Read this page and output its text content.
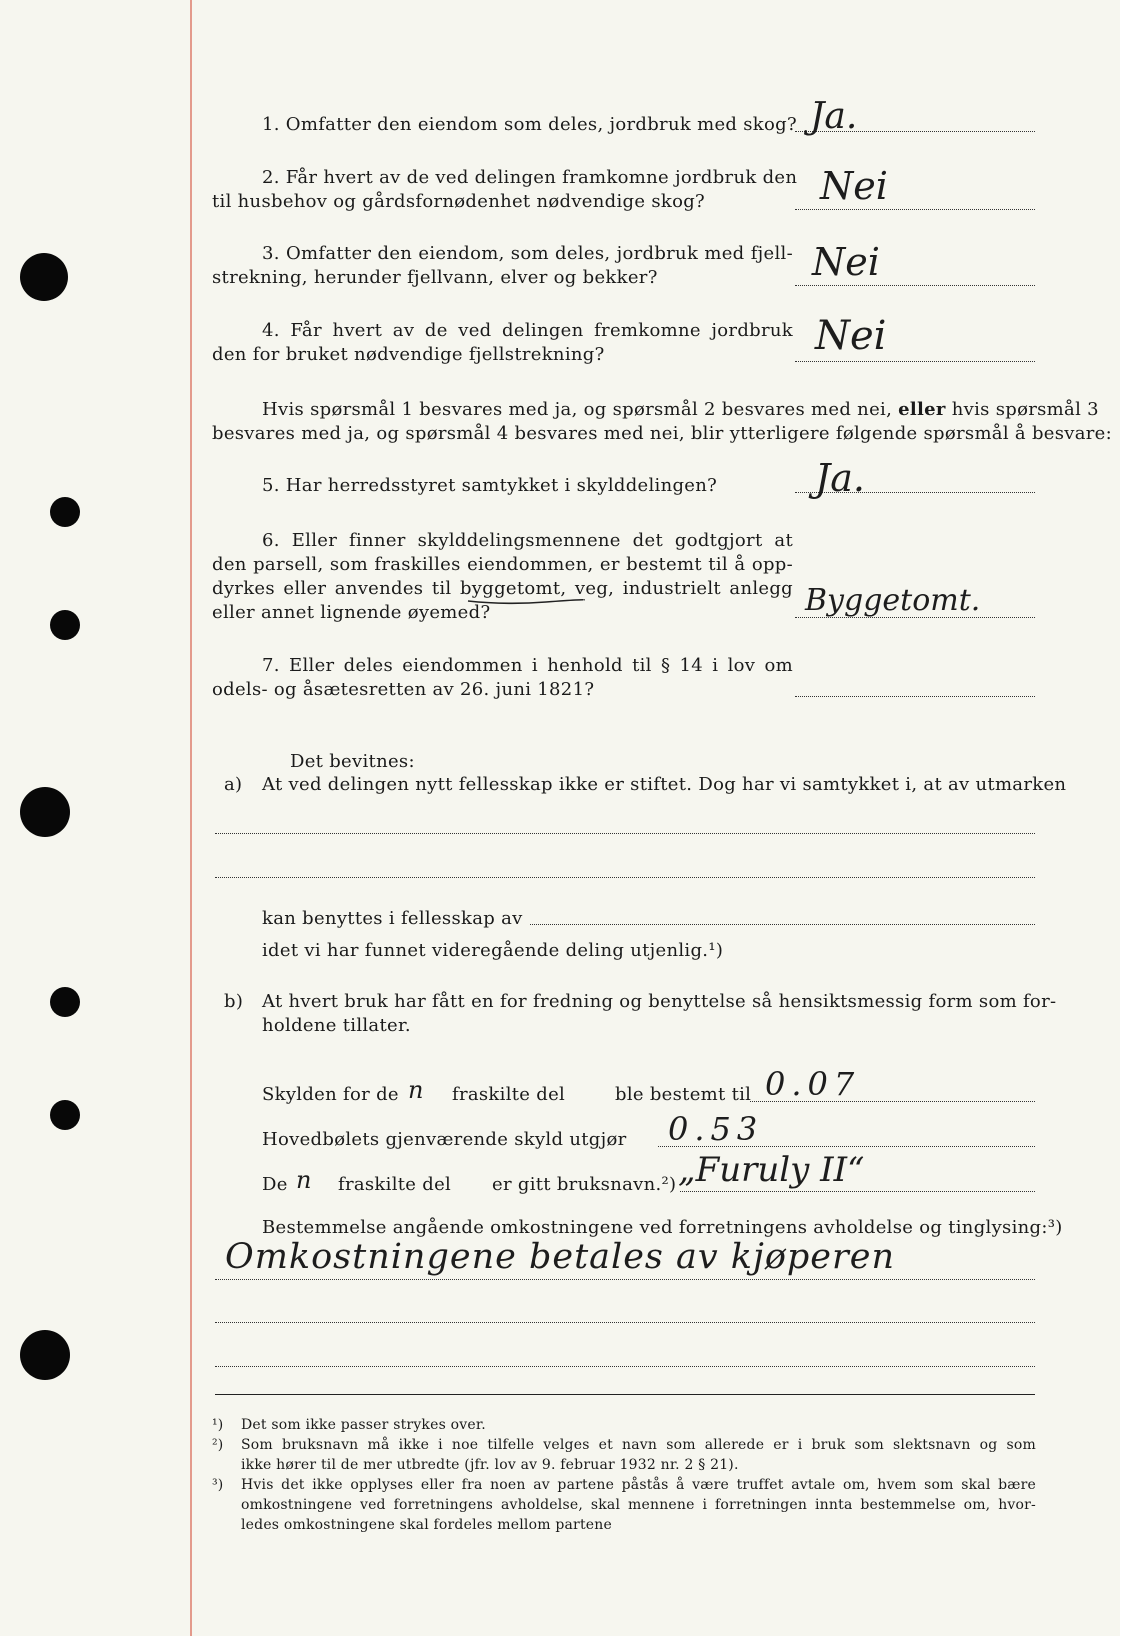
1. Omfatter den eiendom som deles, jordbruk med skog? Ja.
2. Får hvert av de ved delingen framkomne jordbruk den
til husbehov og gårdsfornødenhet nødvendige skog?	Nei
3. Omfatter den eiendom, som deles, jordbruk med fjell-
strekning, herunder fjellvann, elver og bekker?	Nei
4. Får hvert av de ved delingen fremkomne jordbruk
den for bruket nødvendige fjellstrekning?	Nei
Hvis spørsmål 1 besvares med ja, og spørsmål 2 besvares med nei, eller hvis spørsmål 3
besvares med ja, og spørsmål 4 besvares med nei, blir ytterligere følgende spørsmål å besvare:
5. Har herredsstyret samtykket i skylddelingen?	Ja.
6. Eller finner skylddelingsmennene det godtgjort at
den parsell, som fraskilles eiendommen, er bestemt til å opp-
dyrkes eller anvendes til byggetomt, veg, industrielt anlegg
eller annet lignende øyemed?	Byggetomt.
7. Eller deles eiendommen i henhold til § 14 i lov om
odels- og åsætesretten av 26. juni 1821?
Det bevitnes:
a) At ved delingen nytt fellesskap ikke er stiftet. Dog har vi samtykket i, at av utmarken
kan benyttes i fellesskap av
idet vi har funnet videregående deling utjenlig.¹)
b) At hvert bruk har fått en for fredning og benyttelse så hensiktsmessig form som for-
holdene tillater.
Skylden for de n fraskilte del	ble bestemt til 0.07
Hovedbølets gjenværende skyld utgjør 0.53
De n fraskilte del er gitt bruksnavn.²) „Furuly II“
Bestemmelse angående omkostningene ved forretningens avholdelse og tinglysing:³)
Omkostningene betales av kjøperen
¹) Det som ikke passer strykes over.
²) Som bruksnavn må ikke i noe tilfelle velges et navn som allerede er i bruk som slektsnavn og som
ikke hører til de mer utbredte (jfr. lov av 9. februar 1932 nr. 2 § 21).
³) Hvis det ikke opplyses eller fra noen av partene påstås å være truffet avtale om, hvem som skal bære
omkostningene ved forretningens avholdelse, skal mennene i forretningen innta bestemmelse om, hvor-
ledes omkostningene skal fordeles mellom partene
